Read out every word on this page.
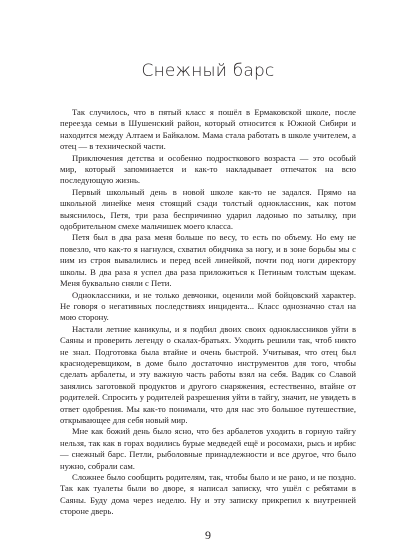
Снежный барс

Так случилось, что в пятый класс я пошёл в Ермаковской школе, после переезда семьи в Шушенский район, который относится к Южной Сибири и находится между Алтаем и Байкалом. Мама стала работать в школе учителем, а отец — в технической части.

Приключения детства и особенно подросткового возраста — это особый мир, который запоминается и как-то накладывает отпечаток на всю последующую жизнь.

Первый школьный день в новой школе как-то не задался. Прямо на школьной линейке меня стоящий сзади толстый одноклассник, как потом выяснилось, Петя, три раза беспричинно ударил ладонью по затылку, при одобрительном смехе мальчишек моего класса.

Петя был в два раза меня больше по весу, то есть по объему. Но ему не повезло, что как-то я нагнулся, схватил обидчика за ногу, и в зоне борьбы мы с ним из строя вывалились и перед всей линейкой, почти под ноги директору школы. В два раза я успел два раза приложиться к Петиным толстым щекам. Меня буквально сняли с Пети.

Одноклассники, и не только девчонки, оценили мой бойцовский характер. Не говоря о негативных последствиях инцидента... Класс однозначно стал на мою сторону.

Настали летние каникулы, и я подбил двоих своих одноклассников уйти в Саяны и проверить легенду о скалах-братьях. Уходить решили так, чтоб никто не знал. Подготовка была втайне и очень быстрой. Учитывая, что отец был краснодеревщиком, в доме было достаточно инструментов для того, чтобы сделать арбалеты, и эту важную часть работы взял на себя. Вадик со Славой занялись заготовкой продуктов и другого снаряжения, естественно, втайне от родителей. Спросить у родителей разрешения уйти в тайгу, значит, не увидеть в ответ одобрения. Мы как-то понимали, что для нас это большое путешествие, открывающее для себя новый мир.

Мне как божий день было ясно, что без арбалетов уходить в горную тайгу нельзя, так как в горах водились бурые медведей ещё и росомахи, рысь и ирбис — снежный барс. Петли, рыболовные принадлежности и все другое, что было нужно, собрали сам.

Сложнее было сообщить родителям, так, чтобы было и не рано, и не поздно. Так как туалеты были во дворе, я написал записку, что ушёл с ребятами в Саяны. Буду дома через неделю. Ну и эту записку прикрепил к внутренней стороне дверь.

9
